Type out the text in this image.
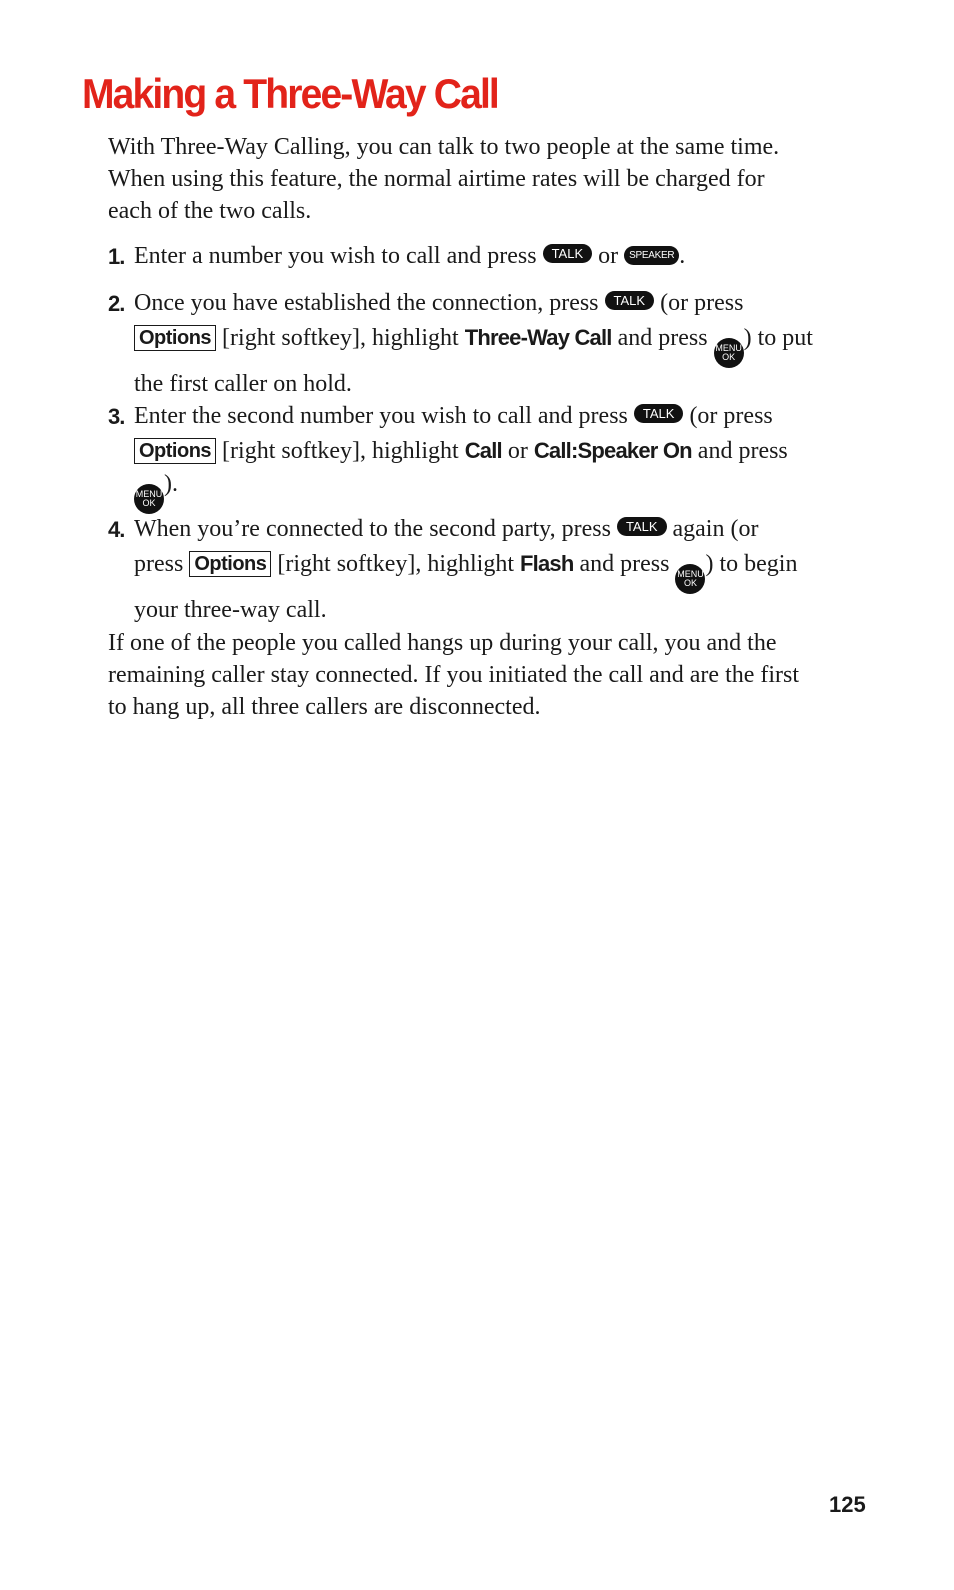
Making a Three-Way Call

With Three-Way Calling, you can talk to two people at the same time. When using this feature, the normal airtime rates will be charged for each of the two calls.

1. Enter a number you wish to call and press TALK or SPEAKER .
2. Once you have established the connection, press TALK (or press Options [right softkey], highlight Three-Way Call and press MENU
OK
) to put the first caller on hold.
3. Enter the second number you wish to call and press TALK (or press Options [right softkey], highlight Call or Call:Speaker On and press
MENU
OK
).
4. When you’re connected to the second party, press TALK again (or press Options [right softkey], highlight Flash and press MENU
OK
) to begin your three-way call.

If one of the people you called hangs up during your call, you and the remaining caller stay connected. If you initiated the call and are the first to hang up, all three callers are disconnected.

125
